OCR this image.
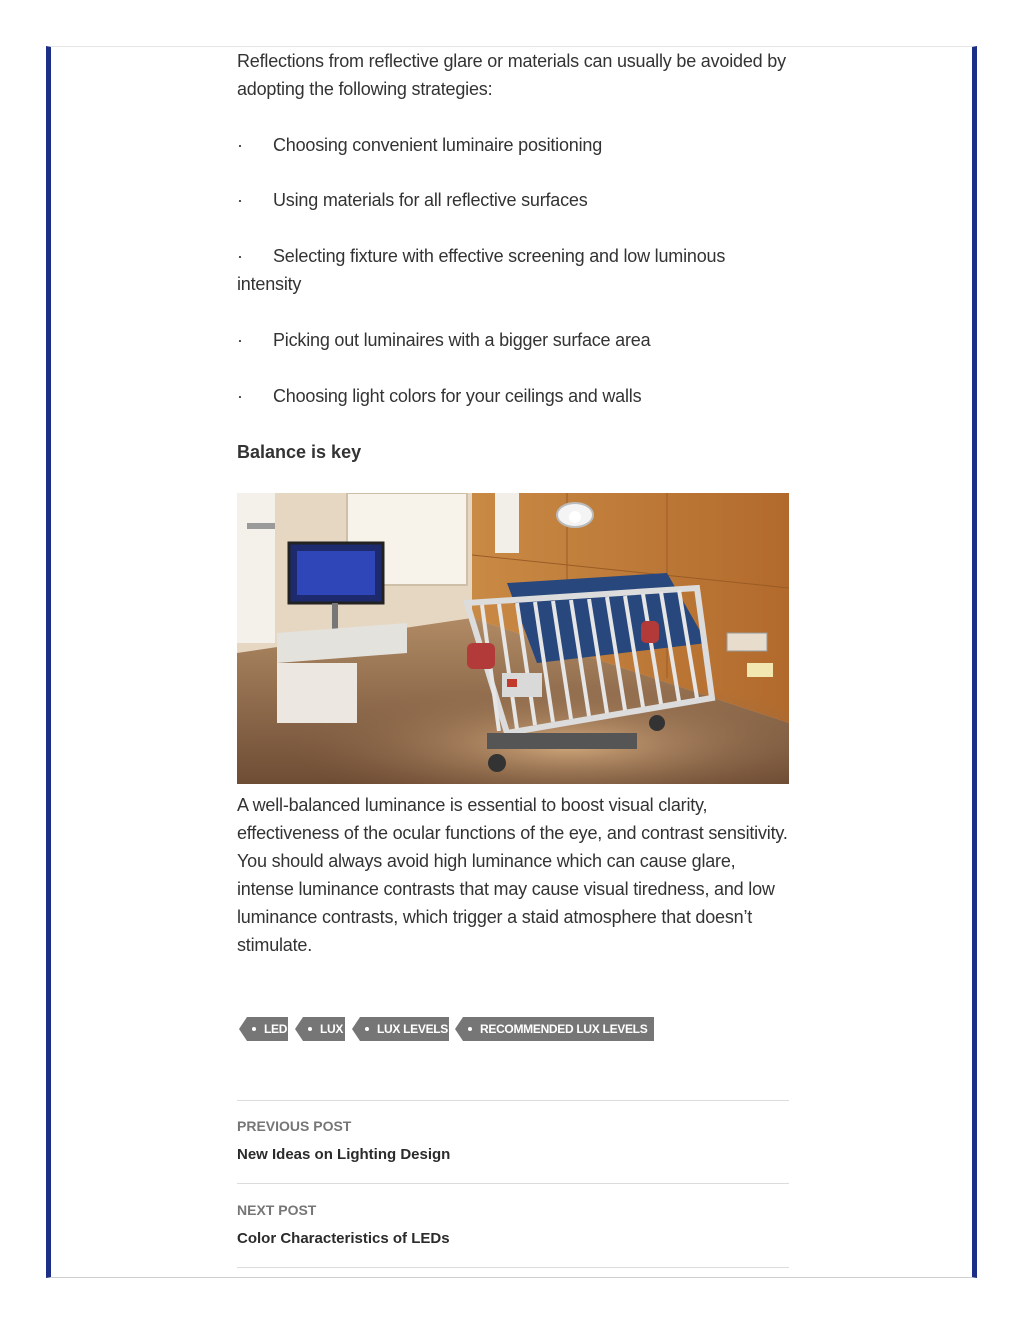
Reflections from reflective glare or materials can usually be avoided by adopting the following strategies:

·	Choosing convenient luminaire positioning
·	Using materials for all reflective surfaces
·	Selecting fixture with effective screening and low luminous intensity
·	Picking out luminaires with a bigger surface area
·	Choosing light colors for your ceilings and walls
Balance is key

A well-balanced luminance is essential to boost visual clarity, effectiveness of the ocular functions of the eye, and contrast sensitivity. You should always avoid high luminance which can cause glare, intense luminance contrasts that may cause visual tiredness, and low luminance contrasts, which trigger a staid atmosphere that doesn’t stimulate.

LED	LUX	LUX LEVELS	RECOMMENDED LUX LEVELS
PREVIOUS POST
New Ideas on Lighting Design
NEXT POST
Color Characteristics of LEDs
